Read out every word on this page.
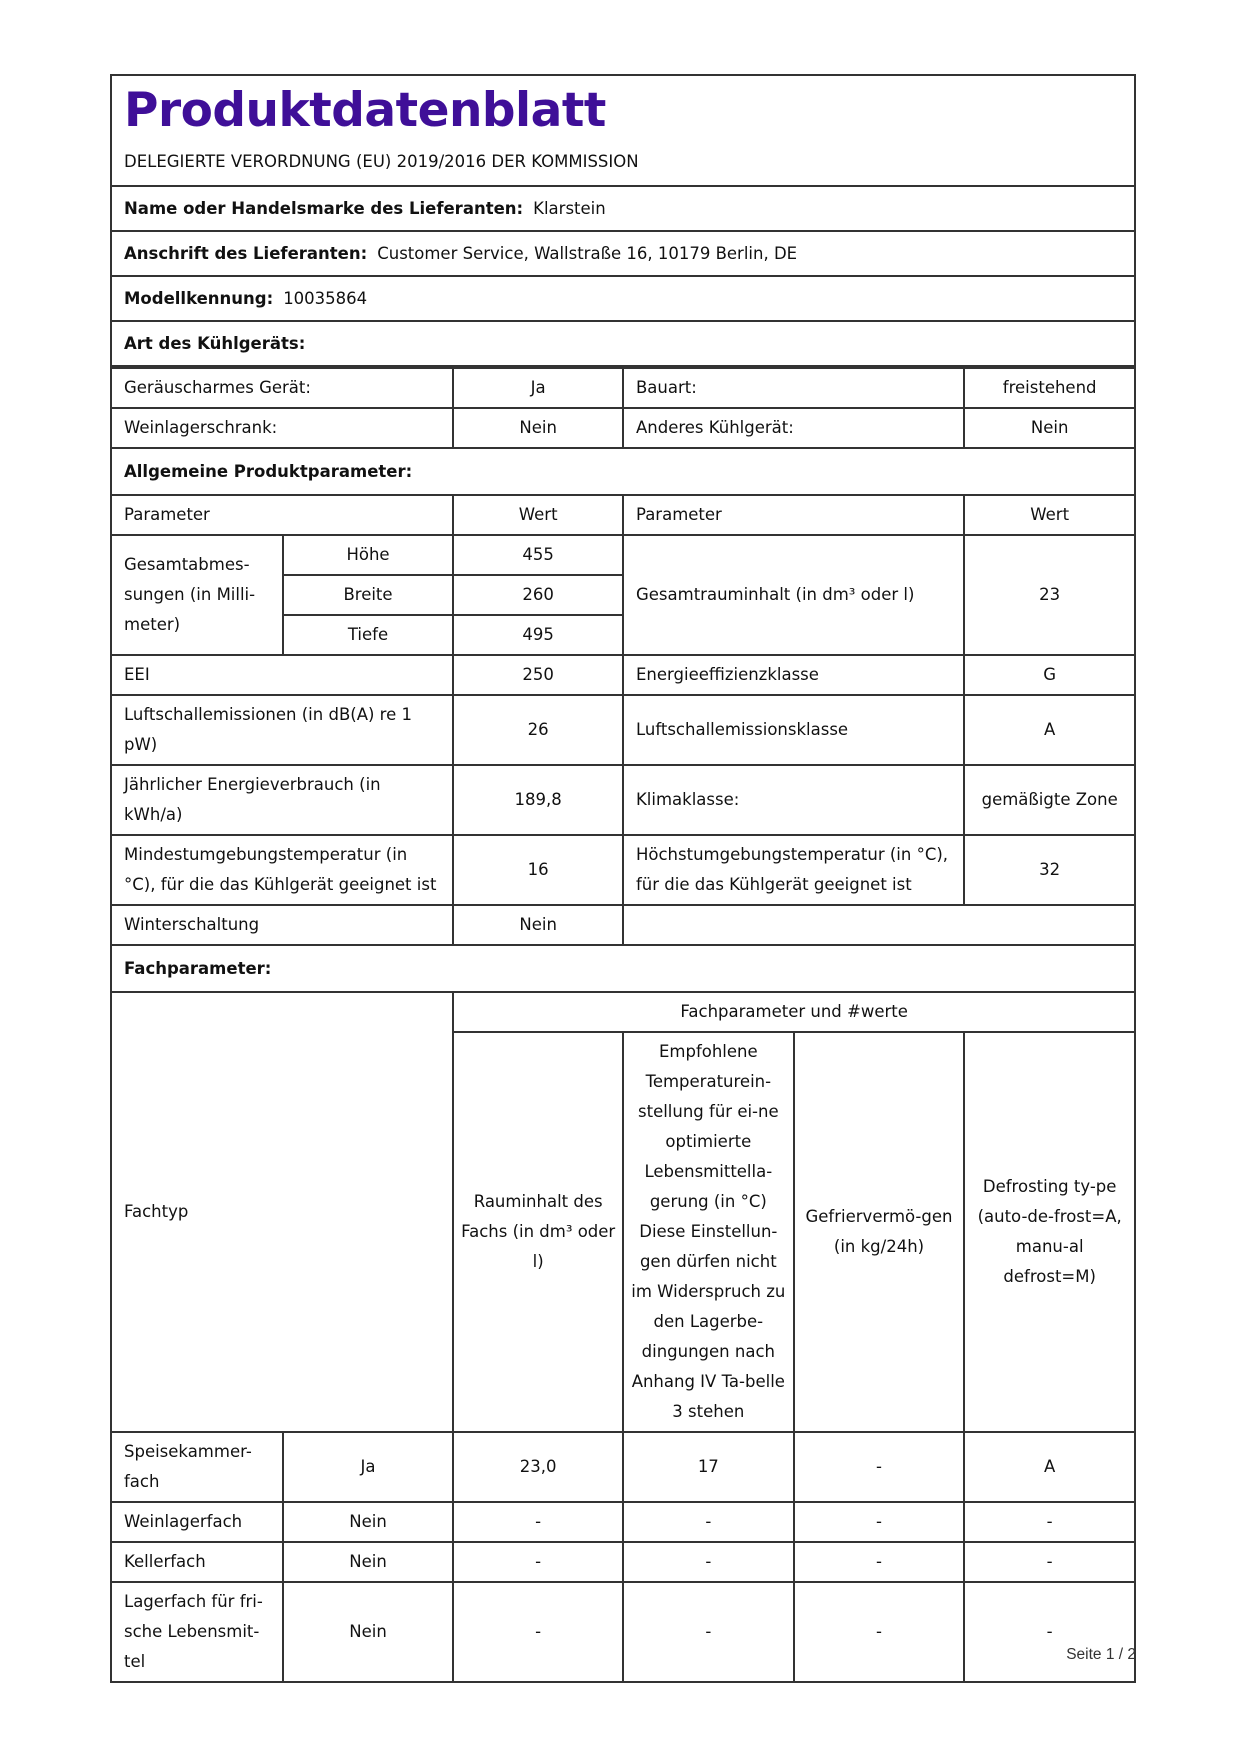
Produktdatenblatt
DELEGIERTE VERORDNUNG (EU) 2019/2016 DER KOMMISSION
Name oder Handelsmarke des Lieferanten: Klarstein
Anschrift des Lieferanten: Customer Service, Wallstraße 16, 10179 Berlin, DE
Modellkennung: 10035864
Art des Kühlgeräts:
Geräuscharmes Gerät:	Ja	Bauart:	freistehend
Weinlagerschrank:	Nein	Anderes Kühlgerät:	Nein
Allgemeine Produktparameter:			
Parameter		Wert	Parameter	Wert
Gesamtabmes-sungen (in Milli-meter)	Höhe	455	Gesamtrauminhalt (in dm³ oder l)	23
	Breite	260		
	Tiefe	495		
EEI		250	Energieeffizienzklasse	G
Luftschallemissionen (in dB(A) re 1 pW)		26	Luftschallemissionsklasse	A
Jährlicher Energieverbrauch (in kWh/a)		189,8	Klimaklasse:	gemäßigte Zone
Mindestumgebungstemperatur (in °C), für die das Kühlgerät geeignet ist		16	Höchstumgebungstemperatur (in °C), für die das Kühlgerät geeignet ist	32
Winterschaltung		Nein		
Fachparameter:				
Fachtyp		Fachparameter und #werte			
		Rauminhalt des Fachs (in dm³ oder l)	Empfohlene Temperaturein-stellung für ei-ne optimierte Lebensmittella-gerung (in °C) Diese Einstellun-gen dürfen nicht im Widerspruch zu den Lagerbe-dingungen nach Anhang IV Ta-belle 3 stehen	Gefriervermö-gen (in kg/24h)	Defrosting ty-pe (auto-de-frost=A, manu-al defrost=M)
Speisekammer-fach	Ja	23,0	17	-	A
Weinlagerfach	Nein	-	-	-	-
Kellerfach	Nein	-	-	-	-
Lagerfach für fri-sche Lebensmit-tel	Nein	-	-	-	-
Seite 1 / 2
